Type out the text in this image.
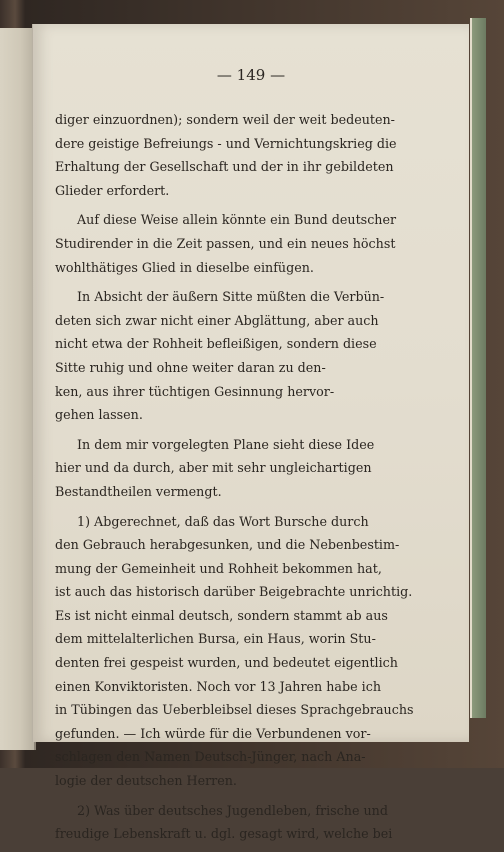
— 149 —

diger einzuordnen); sondern weil der weit bedeuten-
dere geistige Befreiungs - und Vernichtungskrieg die
Erhaltung der Gesellschaft und der in ihr gebildeten
Glieder erfordert.

Auf diese Weise allein könnte ein Bund deutscher
Studirender in die Zeit passen, und ein neues höchst
wohlthätiges Glied in dieselbe einfügen.

In Absicht der äußern Sitte müßten die Verbün-
deten sich zwar nicht einer Abglättung, aber auch
nicht etwa der Rohheit befleißigen, sondern diese
Sitte ruhig und ohne weiter daran zu den-
ken, aus ihrer tüchtigen Gesinnung hervor-
gehen lassen.

In dem mir vorgelegten Plane sieht diese Idee
hier und da durch, aber mit sehr ungleichartigen
Bestandtheilen vermengt.

1) Abgerechnet, daß das Wort Bursche durch
den Gebrauch herabgesunken, und die Nebenbestim-
mung der Gemeinheit und Rohheit bekommen hat,
ist auch das historisch darüber Beigebrachte unrichtig.
Es ist nicht einmal deutsch, sondern stammt ab aus
dem mittelalterlichen Bursa, ein Haus, worin Stu-
denten frei gespeist wurden, und bedeutet eigentlich
einen Konviktoristen. Noch vor 13 Jahren habe ich
in Tübingen das Ueberbleibsel dieses Sprachgebrauchs
gefunden. — Ich würde für die Verbundenen vor-
schlagen den Namen Deutsch-Jünger, nach Ana-
logie der deutschen Herren.

2) Was über deutsches Jugendleben, frische und
freudige Lebenskraft u. dgl. gesagt wird, welche bei
